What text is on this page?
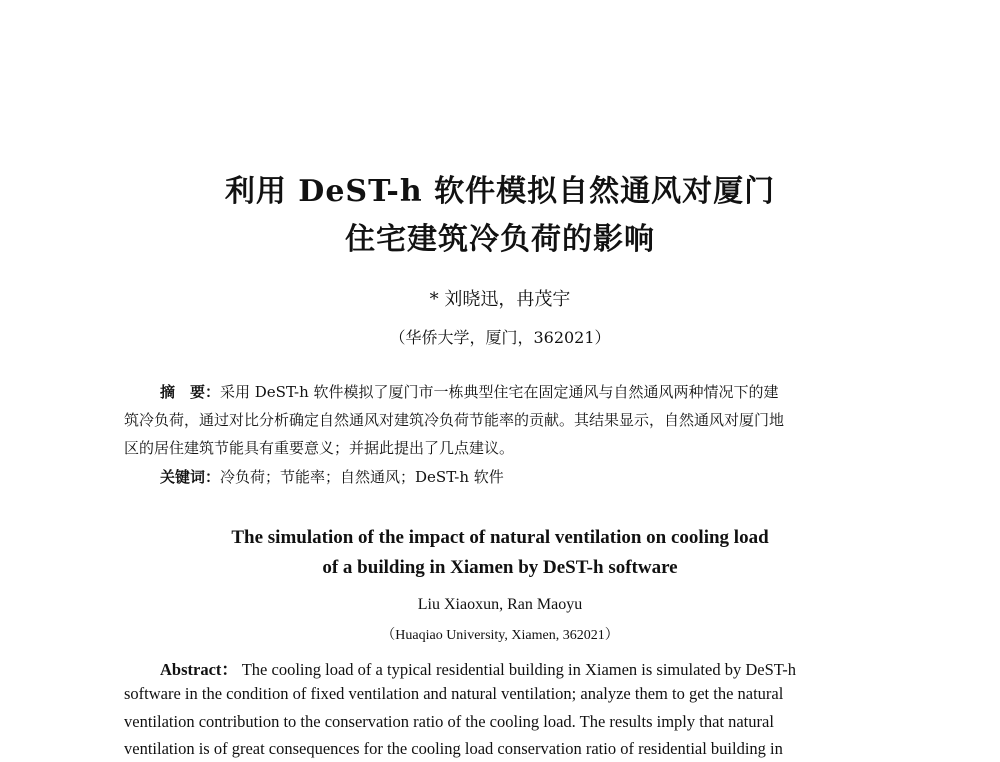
利用 DeST-h 软件模拟自然通风对厦门
住宅建筑冷负荷的影响
* 刘晓迅，冉茂宇
（华侨大学，厦门，362021）
摘　要：采用 DeST-h 软件模拟了厦门市一栋典型住宅在固定通风与自然通风两种情况下的建
筑冷负荷，通过对比分析确定自然通风对建筑冷负荷节能率的贡献。其结果显示，自然通风对厦门地
区的居住建筑节能具有重要意义；并据此提出了几点建议。
关键词：冷负荷；节能率；自然通风；DeST-h 软件
The simulation of the impact of natural ventilation on cooling load
of a building in Xiamen by DeST-h software
Liu Xiaoxun, Ran Maoyu
（Huaqiao University, Xiamen, 362021）
Abstract： The cooling load of a typical residential building in Xiamen is simulated by DeST-h
software in the condition of fixed ventilation and natural ventilation; analyze them to get the natural
ventilation contribution to the conservation ratio of the cooling load. The results imply that natural
ventilation is of great consequences for the cooling load conservation ratio of residential building in
